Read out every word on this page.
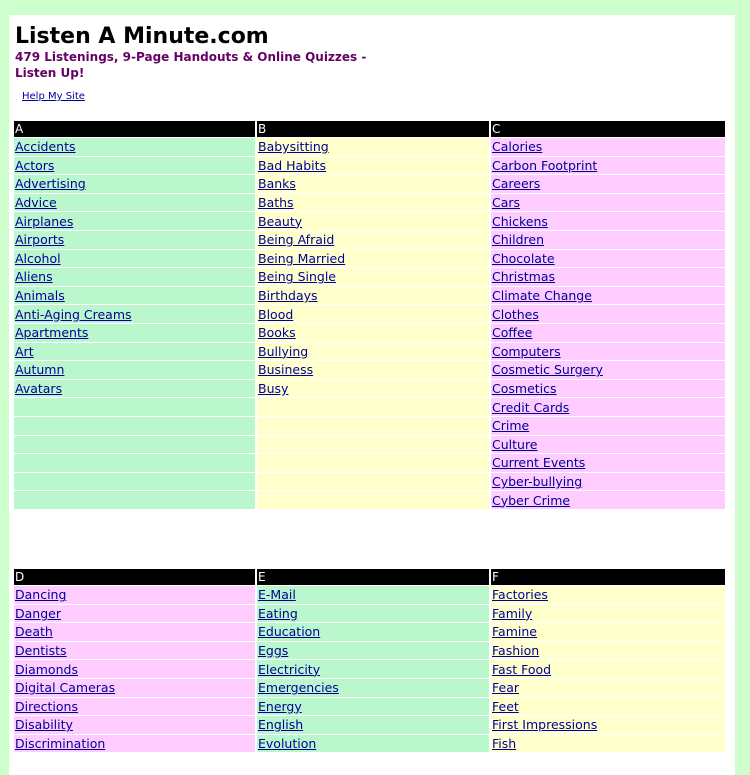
Listen A Minute.com
479 Listenings, 9-Page Handouts & Online Quizzes - Listen Up!
Help My Site
A	B	C
Accidents	Babysitting	Calories
Actors	Bad Habits	Carbon Footprint
Advertising	Banks	Careers
Advice	Baths	Cars
Airplanes	Beauty	Chickens
Airports	Being Afraid	Children
Alcohol	Being Married	Chocolate
Aliens	Being Single	Christmas
Animals	Birthdays	Climate Change
Anti-Aging Creams	Blood	Clothes
Apartments	Books	Coffee
Art	Bullying	Computers
Autumn	Business	Cosmetic Surgery
Avatars	Busy	Cosmetics
		Credit Cards
		Crime
		Culture
		Current Events
		Cyber-bullying
		Cyber Crime
D	E	F
Dancing	E-Mail	Factories
Danger	Eating	Family
Death	Education	Famine
Dentists	Eggs	Fashion
Diamonds	Electricity	Fast Food
Digital Cameras	Emergencies	Fear
Directions	Energy	Feet
Disability	English	First Impressions
Discrimination	Evolution	Fish
